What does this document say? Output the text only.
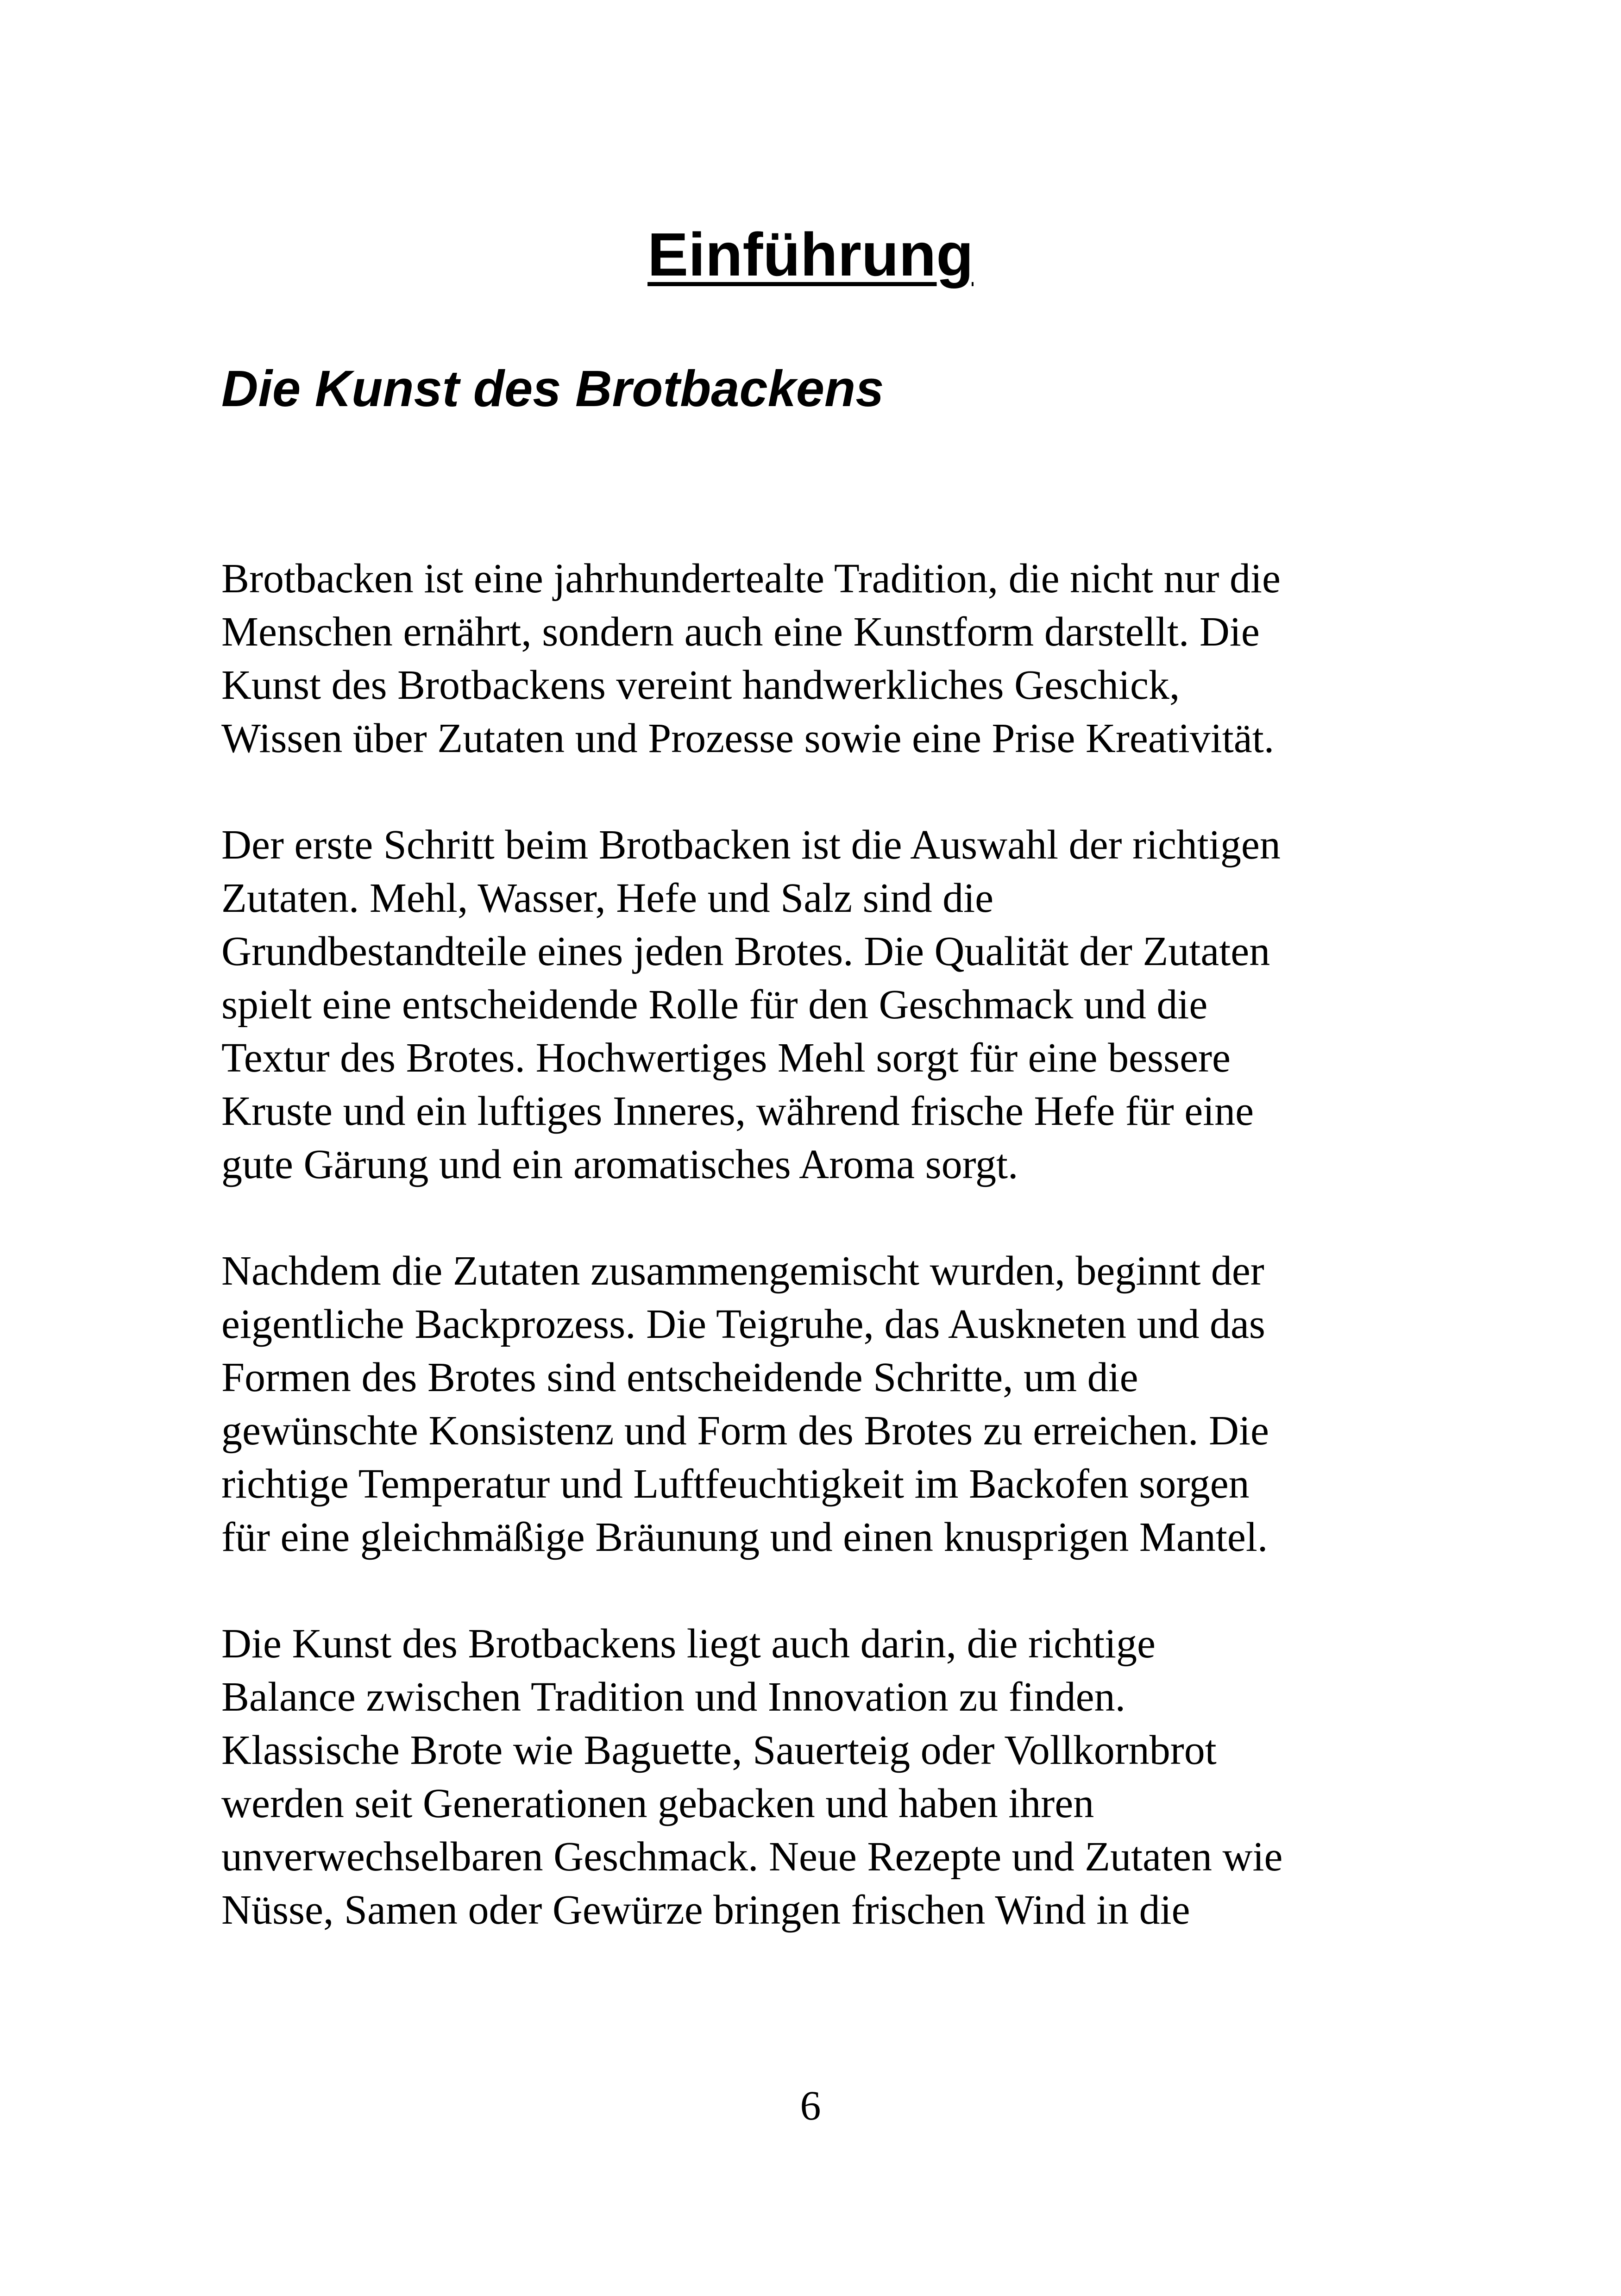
Einführung
Die Kunst des Brotbackens
Brotbacken ist eine jahrhundertealte Tradition, die nicht nur die
Menschen ernährt, sondern auch eine Kunstform darstellt. Die
Kunst des Brotbackens vereint handwerkliches Geschick,
Wissen über Zutaten und Prozesse sowie eine Prise Kreativität.
Der erste Schritt beim Brotbacken ist die Auswahl der richtigen
Zutaten. Mehl, Wasser, Hefe und Salz sind die
Grundbestandteile eines jeden Brotes. Die Qualität der Zutaten
spielt eine entscheidende Rolle für den Geschmack und die
Textur des Brotes. Hochwertiges Mehl sorgt für eine bessere
Kruste und ein luftiges Inneres, während frische Hefe für eine
gute Gärung und ein aromatisches Aroma sorgt.
Nachdem die Zutaten zusammengemischt wurden, beginnt der
eigentliche Backprozess. Die Teigruhe, das Auskneten und das
Formen des Brotes sind entscheidende Schritte, um die
gewünschte Konsistenz und Form des Brotes zu erreichen. Die
richtige Temperatur und Luftfeuchtigkeit im Backofen sorgen
für eine gleichmäßige Bräunung und einen knusprigen Mantel.
Die Kunst des Brotbackens liegt auch darin, die richtige
Balance zwischen Tradition und Innovation zu finden.
Klassische Brote wie Baguette, Sauerteig oder Vollkornbrot
werden seit Generationen gebacken und haben ihren
unverwechselbaren Geschmack. Neue Rezepte und Zutaten wie
Nüsse, Samen oder Gewürze bringen frischen Wind in die
6
